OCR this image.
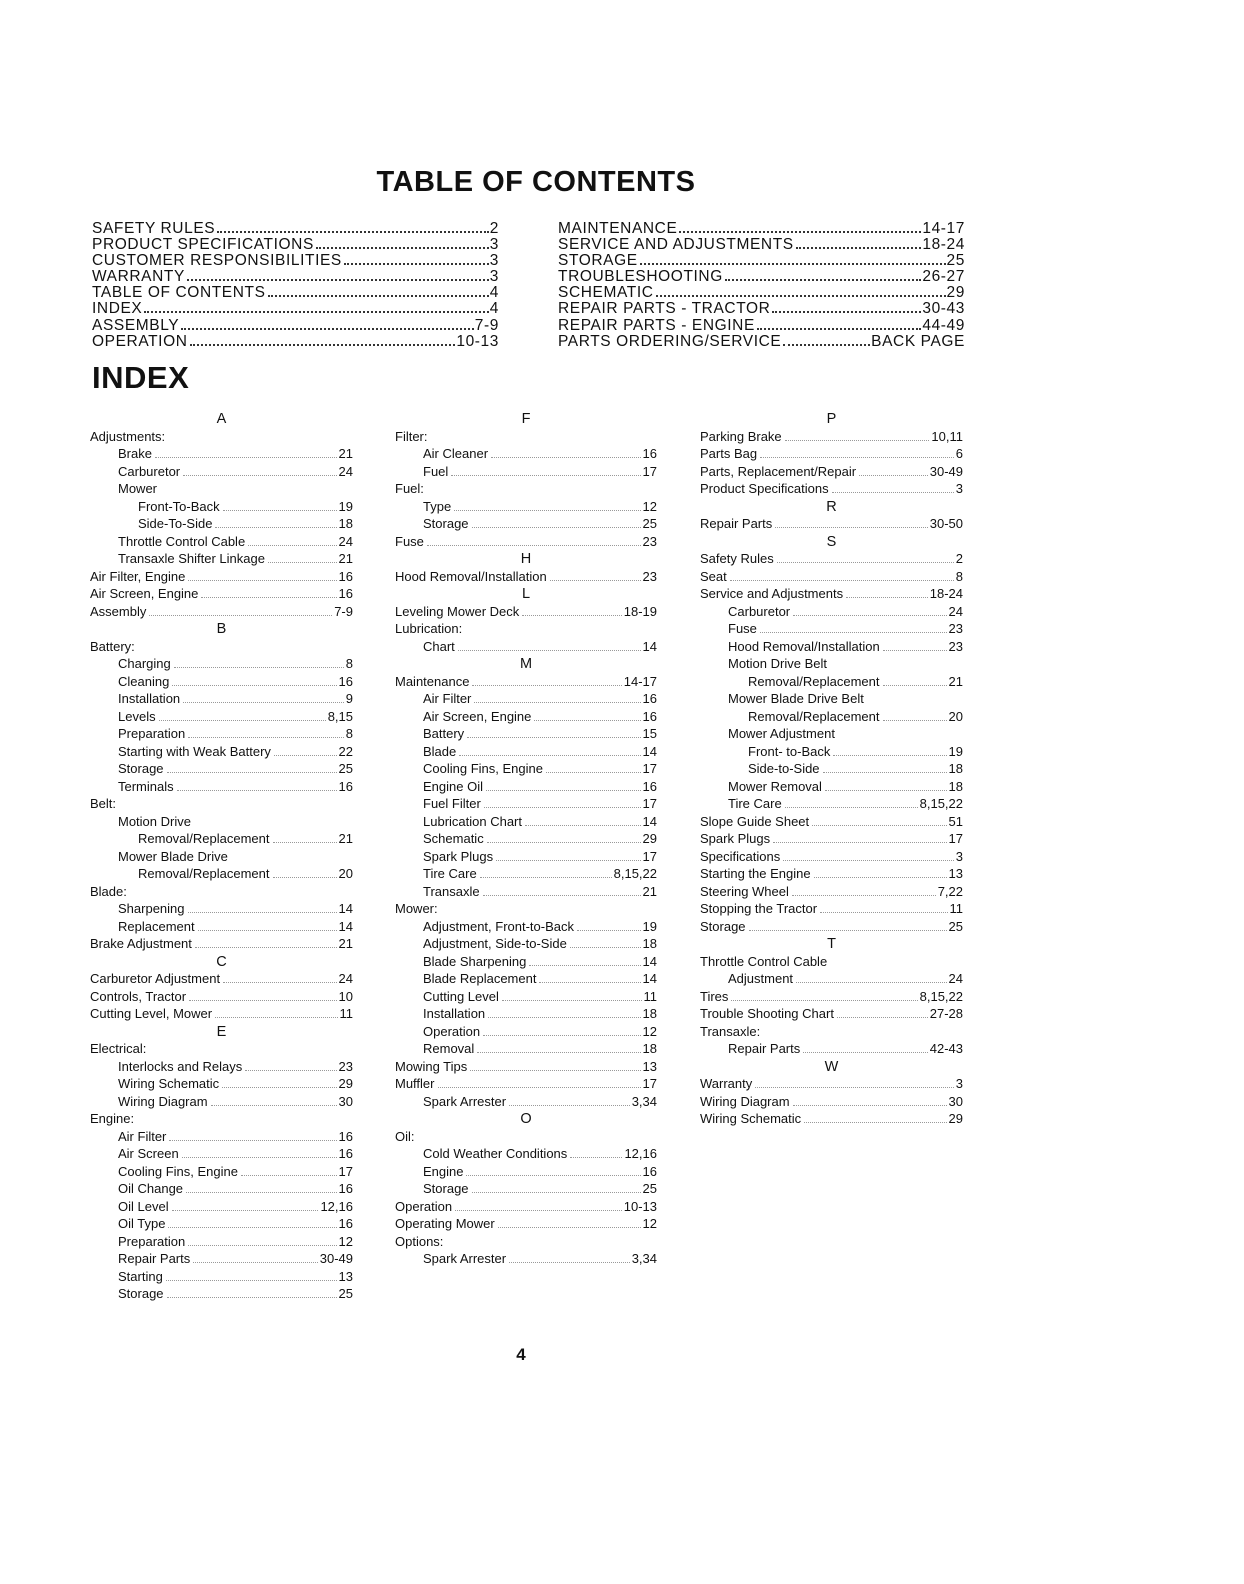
TABLE OF CONTENTS
SAFETY RULES	2
PRODUCT SPECIFICATIONS	3
CUSTOMER RESPONSIBILITIES	3
WARRANTY	3
TABLE OF CONTENTS	4
INDEX	4
ASSEMBLY	7-9
OPERATION	10-13
MAINTENANCE	14-17
SERVICE AND ADJUSTMENTS	18-24
STORAGE	25
TROUBLESHOOTING	26-27
SCHEMATIC	29
REPAIR PARTS - TRACTOR	30-43
REPAIR PARTS - ENGINE	44-49
PARTS ORDERING/SERVICE	BACK PAGE
INDEX
A
Adjustments:
Brake	21
Carburetor	24
Mower
Front-To-Back	19
Side-To-Side	18
Throttle Control Cable	24
Transaxle Shifter Linkage	21
Air Filter, Engine	16
Air Screen, Engine	16
Assembly	7-9
B
Battery:
Charging	8
Cleaning	16
Installation	9
Levels	8,15
Preparation	8
Starting with Weak Battery	22
Storage	25
Terminals	16
Belt:
Motion Drive
Removal/Replacement	21
Mower Blade Drive
Removal/Replacement	20
Blade:
Sharpening	14
Replacement	14
Brake Adjustment	21
C
Carburetor Adjustment	24
Controls, Tractor	10
Cutting Level, Mower	11
E
Electrical:
Interlocks and Relays	23
Wiring Schematic	29
Wiring Diagram	30
Engine:
Air Filter	16
Air Screen	16
Cooling Fins, Engine	17
Oil Change	16
Oil Level	12,16
Oil Type	16
Preparation	12
Repair Parts	30-49
Starting	13
Storage	25
F
Filter:
Air Cleaner	16
Fuel	17
Fuel:
Type	12
Storage	25
Fuse	23
H
Hood Removal/Installation	23
L
Leveling Mower Deck	18-19
Lubrication:
Chart	14
M
Maintenance	14-17
Air Filter	16
Air Screen, Engine	16
Battery	15
Blade	14
Cooling Fins, Engine	17
Engine Oil	16
Fuel Filter	17
Lubrication Chart	14
Schematic	29
Spark Plugs	17
Tire Care	8,15,22
Transaxle	21
Mower:
Adjustment, Front-to-Back	19
Adjustment, Side-to-Side	18
Blade Sharpening	14
Blade Replacement	14
Cutting Level	11
Installation	18
Operation	12
Removal	18
Mowing Tips	13
Muffler	17
Spark Arrester	3,34
O
Oil:
Cold Weather Conditions	12,16
Engine	16
Storage	25
Operation	10-13
Operating Mower	12
Options:
Spark Arrester	3,34
P
Parking Brake	10,11
Parts Bag	6
Parts, Replacement/Repair	30-49
Product Specifications	3
R
Repair Parts	30-50
S
Safety Rules	2
Seat	8
Service and Adjustments	18-24
Carburetor	24
Fuse	23
Hood Removal/Installation	23
Motion Drive Belt
Removal/Replacement	21
Mower Blade Drive Belt
Removal/Replacement	20
Mower Adjustment
Front- to-Back	19
Side-to-Side	18
Mower Removal	18
Tire Care	8,15,22
Slope Guide Sheet	51
Spark Plugs	17
Specifications	3
Starting the Engine	13
Steering Wheel	7,22
Stopping the Tractor	11
Storage	25
T
Throttle Control Cable
Adjustment	24
Tires	8,15,22
Trouble Shooting Chart	27-28
Transaxle:
Repair Parts	42-43
W
Warranty	3
Wiring Diagram	30
Wiring Schematic	29
4
